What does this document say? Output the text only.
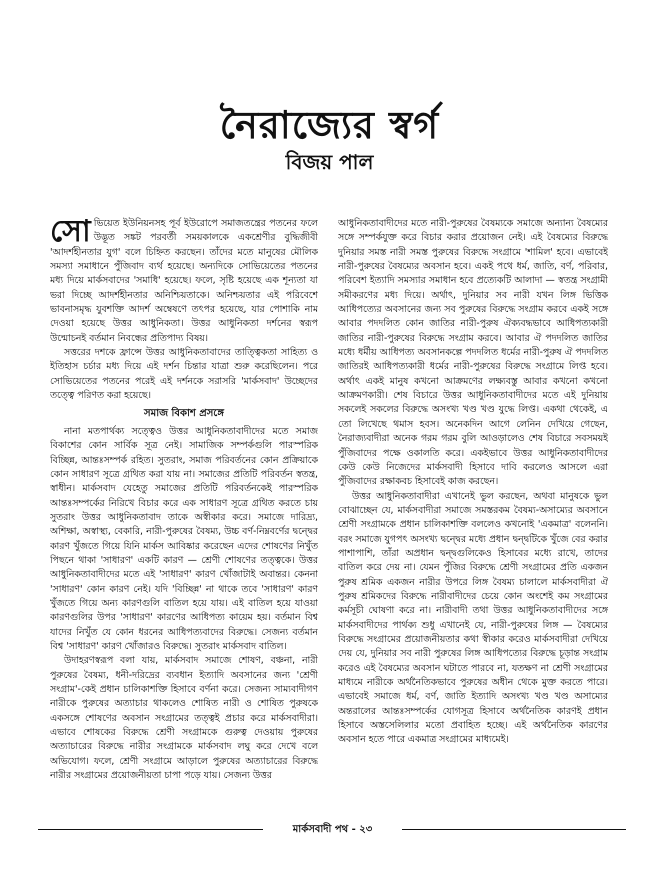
নৈরাজ্যের স্বর্গ
বিজয় পাল

সোভিয়েত ইউনিয়নসহ পূর্ব ইউরোপে সমাজতন্ত্রের পতনের ফলে উদ্ভূত সঙ্কট পরবর্তী সময়কালকে একশ্রেণীর বুদ্ধিজীবী 'আদর্শহীনতার যুগ' বলে চিহ্নিত করছেন। তাঁদের মতে মানুষের মৌলিক সমস্যা সমাধানে পুঁজিবাদ ব্যর্থ হয়েছে। অন্যদিকে সোভিয়েতের পতনের মধ্য দিয়ে মার্কসবাদের 'সমাধি' হয়েছে। ফলে, সৃষ্টি হয়েছে এক শূন্যতা যা ভরা দিচ্ছে আদর্শহীনতার অনিশ্চিয়তাকে। অনিশ্চয়তার এই পরিবেশে ভাবনাসমৃদ্ধ যুবশক্তি আদর্শ অম্বেষণে তৎপর হয়েছে, যার পোশাকি নাম দেওয়া হয়েছে উত্তর আধুনিকতা। উত্তর আধুনিকতা দর্শনের স্বরূপ উন্মোচনই বর্তমান নিবন্ধের প্রতিপাদ্য বিষয়।

সত্তরের দশকে ফ্রান্সে উত্তর আধুনিকতাবাদের তাত্ত্বিকতা সাহিত্য ও ইতিহাস চর্চার মধ্য দিয়ে এই দর্শন চিন্তার যাত্রা শুরু করেছিলেন। পরে সোভিয়েতের পতনের পরেই এই দর্শনকে সরাসরি 'মার্কসবাদ' উচ্ছেদের তত্ত্বে পরিণত করা হয়েছে।

সমাজ বিকাশ প্রসঙ্গে

নানা মতপার্থক্য সত্ত্বেও উত্তর আধুনিকতাবাদীদের মতে সমাজ বিকাশের কোন সার্বিক সূত্র নেই। সামাজিক সম্পর্কগুলি পারস্পরিক বিচ্ছিন্ন, আন্তঃসম্পর্ক রহিত। সুতরাং, সমাজ পরিবর্তনের কোন প্রক্রিয়াকে কোন সাধারণ সূত্রে গ্রথিত করা যায় না। সমাজের প্রতিটি পরিবর্তন স্বতন্ত্র, স্বাধীন। মার্কসবাদ যেহেতু সমাজের প্রতিটি পরিবর্তনকেই পারস্পরিক আন্তঃসম্পর্কের নিরিখে বিচার করে এক সাধারণ সূত্রে গ্রথিত করতে চায় সুতরাং উত্তর আধুনিকতাবাদ তাকে অস্বীকার করে। সমাজে দারিদ্র্য, অশিক্ষা, অস্বাস্থ্য, বেকারি, নারী-পুরুষের বৈষম্য, উচ্চ বর্ণ-নিম্নবর্ণের দ্বন্দ্বের কারণ খুঁজতে গিয়ে যিনি মার্কস আবিষ্কার করেছেন এদের শোষণের নিখুঁত পিছনে থাকা 'সাধারণ' একটি কারণ — শ্রেণী শোষণের তত্ত্বকে। উত্তর আধুনিকতাবাদীদের মতে এই 'সাধারণ' কারণ খোঁজাটাই অবান্তর। কেননা 'সাধারণ' কোন কারণ নেই। যদি 'বিচ্ছিন্ন' না থাকে তবে 'সাধারণ' কারণ খুঁজতে গিয়ে অন্য কারণগুলি বাতিল হয়ে যায়। এই বাতিল হয়ে যাওয়া কারণগুলির উপর 'সাধারণ' কারণের আধিপত্য কায়েম হয়। বর্তমান বিশ্ব যাদের নিখুঁত যে কোন ধরনের আধিপত্যবাদের বিরুদ্ধে। সেজন্য বর্তমান বিশ্ব 'সাধারণ' কারণ খোঁজারও বিরুদ্ধে। সুতরাং মার্কসবাদ বাতিল।

উদাহরণস্বরূপ বলা যায়, মার্কসবাদ সমাজে শোষণ, বঞ্চনা, নারী পুরুষের বৈষম্য, ধনী-দরিদ্রের ব্যবধান ইত্যাদি অবসানের জন্য 'শ্রেণী সংগ্রাম'-কেই প্রধান চালিকাশক্তি হিসাবে বর্ণনা করে। সেজন্য সাম্যবাদীগণ নারীকে পুরুষের অত্যাচার থাকলেও শোষিত নারী ও শোষিত পুরুষকে একসঙ্গে শোষণের অবসান সংগ্রামের তত্ত্বই প্রচার করে মার্কসবাদীরা। এভাবে শোষকের বিরুদ্ধে শ্রেণী সংগ্রামকে গুরুত্ব দেওয়ায় পুরুষের অত্যাচারের বিরুদ্ধে নারীর সংগ্রামকে মার্কসবাদ লঘু করে দেখে বলে অভিযোগ। ফলে, শ্রেণী সংগ্রামে আড়ালে পুরুষের অত্যাচারের বিরুদ্ধে নারীর সংগ্রামের প্রয়োজনীয়তা চাপা পড়ে যায়। সেজন্য উত্তর

আধুনিকতাবাদীদের মতে নারী-পুরুষের বৈষম্যকে সমাজে অন্যান্য বৈষম্যের সঙ্গে সম্পর্কযুক্ত করে বিচার করার প্রয়োজন নেই। এই বৈষম্যের বিরুদ্ধে দুনিয়ার সমস্ত নারী সমস্ত পুরুষের বিরুদ্ধে সংগ্রামে 'শামিল' হবে। এভাবেই নারী-পুরুষের বৈষম্যের অবসান হবে। একই পথে ধর্ম, জাতি, বর্ণ, পরিবার, পরিবেশ ইত্যাদি সমস্যার সমাধান হবে প্রত্যেকটি আলাদা — স্বতন্ত্র সংগ্রামী সমীকরণের মধ্য দিয়ে। অর্থাৎ, দুনিয়ার সব নারী যখন লিঙ্গ ভিত্তিক আধিপত্যের অবসানের জন্য সব পুরুষের বিরুদ্ধে সংগ্রাম করবে একই সঙ্গে আবার পদদলিত কোন জাতির নারী-পুরুষ ঐক্যবদ্ধভাবে আধিপত্যকারী জাতির নারী-পুরুষের বিরুদ্ধে সংগ্রাম করবে। আবার ঐ পদদলিত জাতির মধ্যে ধর্মীয় আধিপত্য অবসানকল্পে পদদলিত ধর্মের নারী-পুরুষ ঐ পদদলিত জাতিরই আধিপত্যকারী ধর্মের নারী-পুরুষের বিরুদ্ধে সংগ্রামে লিপ্ত হবে। অর্থাৎ একই মানুষ কখনো আক্রমণের লক্ষ্যবস্তু আবার কখনো কখনো আক্রমণকারী। শেষ বিচারে উত্তর আধুনিকতাবাদীদের মতে এই দুনিয়ায় সকলেই সকলের বিরুদ্ধে অসংখ্য খণ্ড খণ্ড যুদ্ধে লিপ্ত। একথা থেকেই, এ তো লিখেছে থমাস হবস। অনেকদিন আগে লেনিন দেখিয়ে গেছেন, নৈরাজ্যবাদীরা অনেক গরম গরম বুলি আওড়ালেও শেষ বিচারে সবসময়ই পুঁজিবাদের পক্ষে ওকালতি করে। একইভাবে উত্তর আধুনিকতাবাদীদের কেউ কেউ নিজেদের মার্কসবাদী হিসাবে দাবি করলেও আসলে এরা পুঁজিবাদের রক্ষাকবচ হিসাবেই কাজ করছেন।

উত্তর আধুনিকতাবাদীরা এখানেই ভুল করছেন, অথবা মানুষকে ভুল বোঝাচ্ছেন যে, মার্কসবাদীরা সমাজে সমস্তরকম বৈষম্য-অসাম্যের অবসানে শ্রেণী সংগ্রামকে প্রধান চালিকাশক্তি বললেও কখনোই 'একমাত্র' বলেননি। বরং সমাজে যুগপৎ অসংখ্য দ্বন্দ্বের মধ্যে প্রধান দ্বন্দ্বটিকে খুঁজে বের করার পাশাপাশি, তাঁরা অপ্রধান দ্বন্দ্বগুলিকেও হিসাবের মধ্যে রাখে, তাদের বাতিল করে দেয় না। যেমন পুঁজির বিরুদ্ধে শ্রেণী সংগ্রামের প্রতি একজন পুরুষ শ্রমিক একজন নারীর উপরে লিঙ্গ বৈষম্য চালালে মার্কসবাদীরা ঐ পুরুষ শ্রমিকদের বিরুদ্ধে নারীবাদীদের চেয়ে কোন অংশেই কম সংগ্রামের কর্মসূচী ঘোষণা করে না। নারীবাদী তথা উত্তর আধুনিকতাবাদীদের সঙ্গে মার্কসবাদীদের পার্থক্য শুধু এখানেই যে, নারী-পুরুষের লিঙ্গ — বৈষম্যের বিরুদ্ধে সংগ্রামের প্রয়োজনীয়তার কথা স্বীকার করেও মার্কসবাদীরা দেখিয়ে দেয় যে, দুনিয়ার সব নারী পুরুষের লিঙ্গ আধিপত্যের বিরুদ্ধে চূড়ান্ত সংগ্রাম করেও এই বৈষম্যের অবসান ঘটাতে পারবে না, যতক্ষণ না শ্রেণী সংগ্রামের মাধ্যমে নারীকে অর্থনৈতিকভাবে পুরুষের অধীন থেকে মুক্ত করতে পারে। এভাবেই সমাজে ধর্ম, বর্ণ, জাতি ইত্যাদি অসংখ্য খণ্ড খণ্ড অসাম্যের অন্তরালের আন্তঃসম্পর্কের যোগসূত্র হিসাবে অর্থনৈতিক কারণই প্রধান হিসাবে অস্তসেলিলার মতো প্রবাহিত হচ্ছে। এই অর্থনৈতিক কারণের অবসান হতে পারে একমাত্র সংগ্রামের মাধ্যমেই।

মার্কসবাদী পথ - ২৩
